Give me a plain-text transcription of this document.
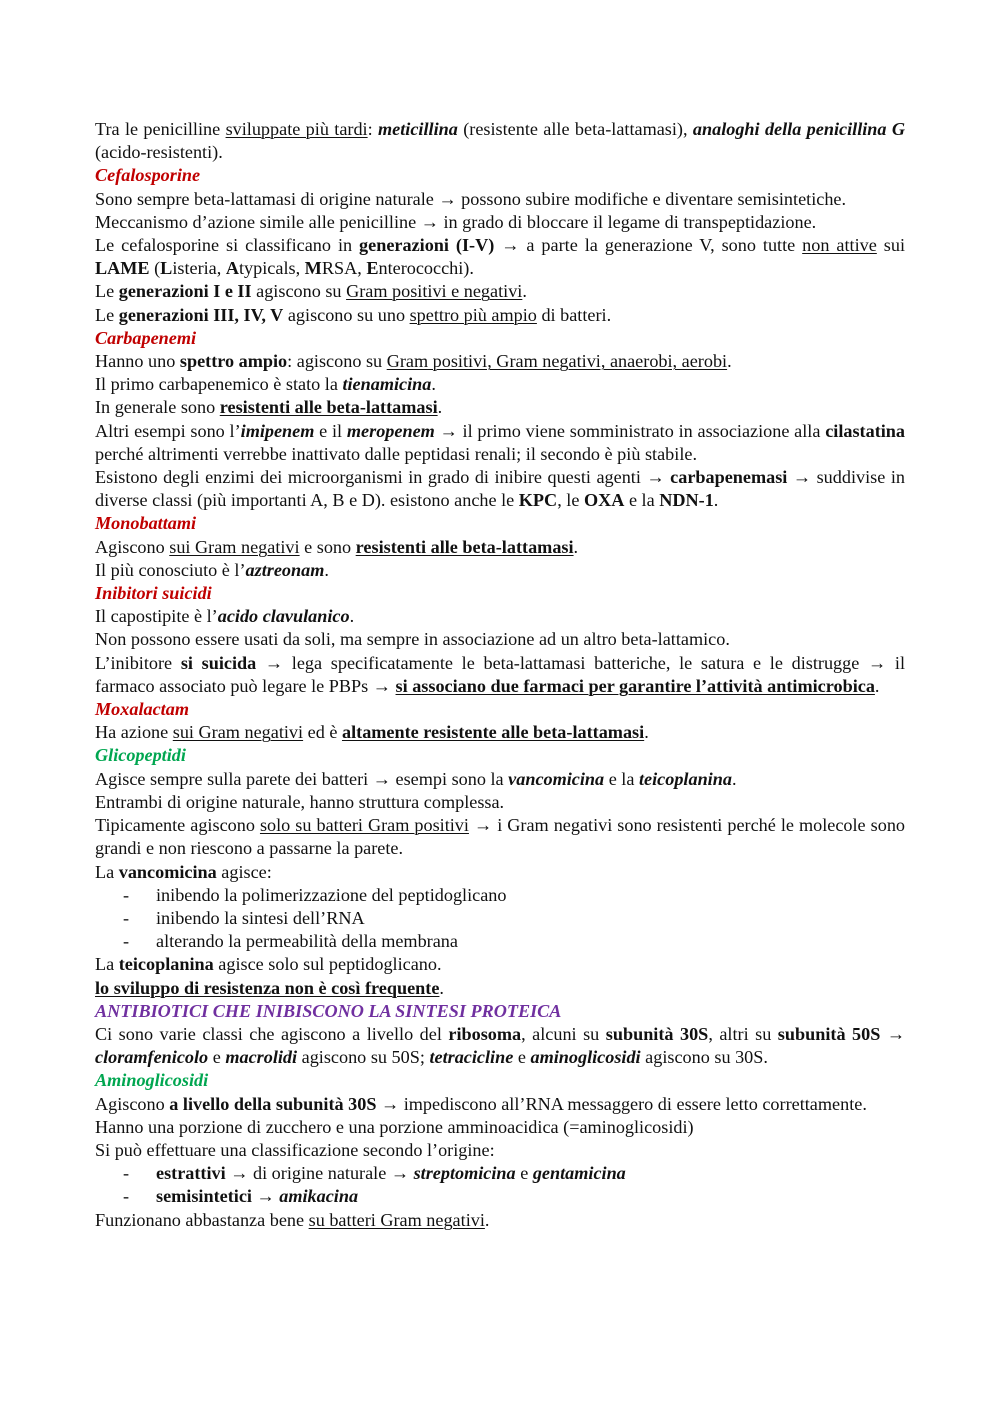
Tra le penicilline sviluppate più tardi: meticillina (resistente alle beta-lattamasi), analoghi della penicillina G (acido-resistenti).

Cefalosporine

Sono sempre beta-lattamasi di origine naturale → possono subire modifiche e diventare semisintetiche.

Meccanismo d’azione simile alle penicilline → in grado di bloccare il legame di transpeptidazione.

Le cefalosporine si classificano in generazioni (I-V) → a parte la generazione V, sono tutte non attive sui LAME (Listeria, Atypicals, MRSA, Enterococchi).

Le generazioni I e II agiscono su Gram positivi e negativi.

Le generazioni III, IV, V agiscono su uno spettro più ampio di batteri.

Carbapenemi

Hanno uno spettro ampio: agiscono su Gram positivi, Gram negativi, anaerobi, aerobi.

Il primo carbapenemico è stato la tienamicina.

In generale sono resistenti alle beta-lattamasi.

Altri esempi sono l’imipenem e il meropenem → il primo viene somministrato in associazione alla cilastatina perché altrimenti verrebbe inattivato dalle peptidasi renali; il secondo è più stabile.

Esistono degli enzimi dei microorganismi in grado di inibire questi agenti → carbapenemasi → suddivise in diverse classi (più importanti A, B e D). esistono anche le KPC, le OXA e la NDN-1.

Monobattami

Agiscono sui Gram negativi e sono resistenti alle beta-lattamasi.

Il più conosciuto è l’aztreonam.

Inibitori suicidi

Il capostipite è l’acido clavulanico.

Non possono essere usati da soli, ma sempre in associazione ad un altro beta-lattamico.

L’inibitore si suicida → lega specificatamente le beta-lattamasi batteriche, le satura e le distrugge → il farmaco associato può legare le PBPs → si associano due farmaci per garantire l’attività antimicrobica.

Moxalactam

Ha azione sui Gram negativi ed è altamente resistente alle beta-lattamasi.

Glicopeptidi

Agisce sempre sulla parete dei batteri → esempi sono la vancomicina e la teicoplanina.

Entrambi di origine naturale, hanno struttura complessa.

Tipicamente agiscono solo su batteri Gram positivi → i Gram negativi sono resistenti perché le molecole sono grandi e non riescono a passarne la parete.

La vancomicina agisce:

- inibendo la polimerizzazione del peptidoglicano

- inibendo la sintesi dell’RNA

- alterando la permeabilità della membrana

La teicoplanina agisce solo sul peptidoglicano.

lo sviluppo di resistenza non è così frequente.

ANTIBIOTICI CHE INIBISCONO LA SINTESI PROTEICA

Ci sono varie classi che agiscono a livello del ribosoma, alcuni su subunità 30S, altri su subunità 50S → cloramfenicolo e macrolidi agiscono su 50S; tetracicline e aminoglicosidi agiscono su 30S.

Aminoglicosidi

Agiscono a livello della subunità 30S → impediscono all’RNA messaggero di essere letto correttamente.

Hanno una porzione di zucchero e una porzione amminoacidica (=aminoglicosidi)

Si può effettuare una classificazione secondo l’origine:

- estrattivi → di origine naturale → streptomicina e gentamicina

- semisintetici → amikacina

Funzionano abbastanza bene su batteri Gram negativi.
